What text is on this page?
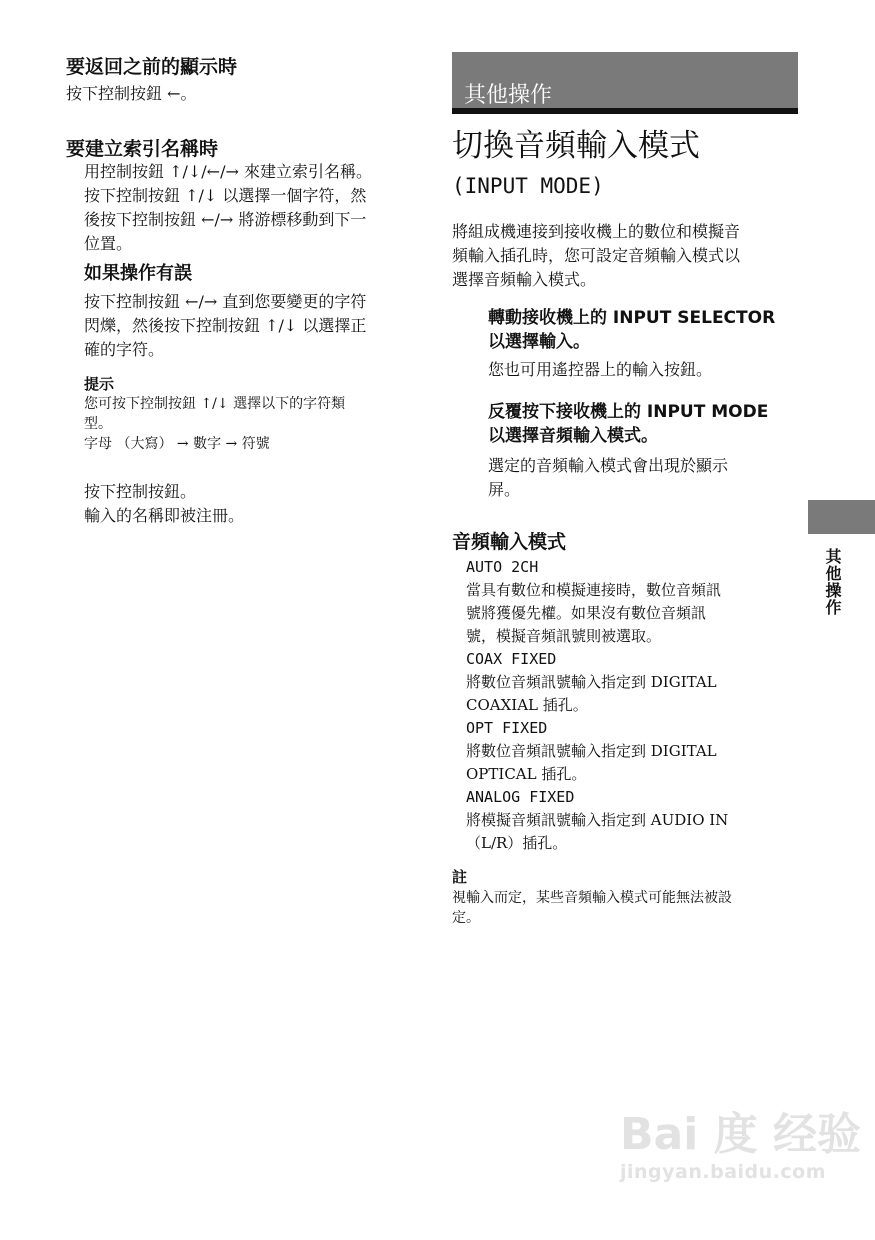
要返回之前的顯示時
按下控制按鈕 ←。
要建立索引名稱時
用控制按鈕 ↑/↓/←/→ 來建立索引名稱。
按下控制按鈕 ↑/↓ 以選擇一個字符，然
後按下控制按鈕 ←/→ 將游標移動到下一
位置。
如果操作有誤
按下控制按鈕 ←/→ 直到您要變更的字符
閃爍，然後按下控制按鈕 ↑/↓ 以選擇正
確的字符。
提示
您可按下控制按鈕 ↑/↓ 選擇以下的字符類
型。
字母 （大寫） → 數字 → 符號
按下控制按鈕。
輸入的名稱即被注冊。
其他操作
切換音頻輸入模式
(INPUT MODE)
將組成機連接到接收機上的數位和模擬音
頻輸入插孔時，您可設定音頻輸入模式以
選擇音頻輸入模式。
轉動接收機上的 INPUT SELECTOR
以選擇輸入。
您也可用遙控器上的輸入按鈕。
反覆按下接收機上的 INPUT MODE
以選擇音頻輸入模式。
選定的音頻輸入模式會出現於顯示
屏。
音頻輸入模式
AUTO 2CH
當具有數位和模擬連接時，數位音頻訊
號將獲優先權。如果沒有數位音頻訊
號，模擬音頻訊號則被選取。
COAX FIXED
將數位音頻訊號輸入指定到 DIGITAL
COAXIAL 插孔。
OPT FIXED
將數位音頻訊號輸入指定到 DIGITAL
OPTICAL 插孔。
ANALOG FIXED
將模擬音頻訊號輸入指定到 AUDIO IN
（L/R）插孔。
註
視輸入而定，某些音頻輸入模式可能無法被設
定。
其他操作
Bai 度 经验
jingyan.baidu.com
